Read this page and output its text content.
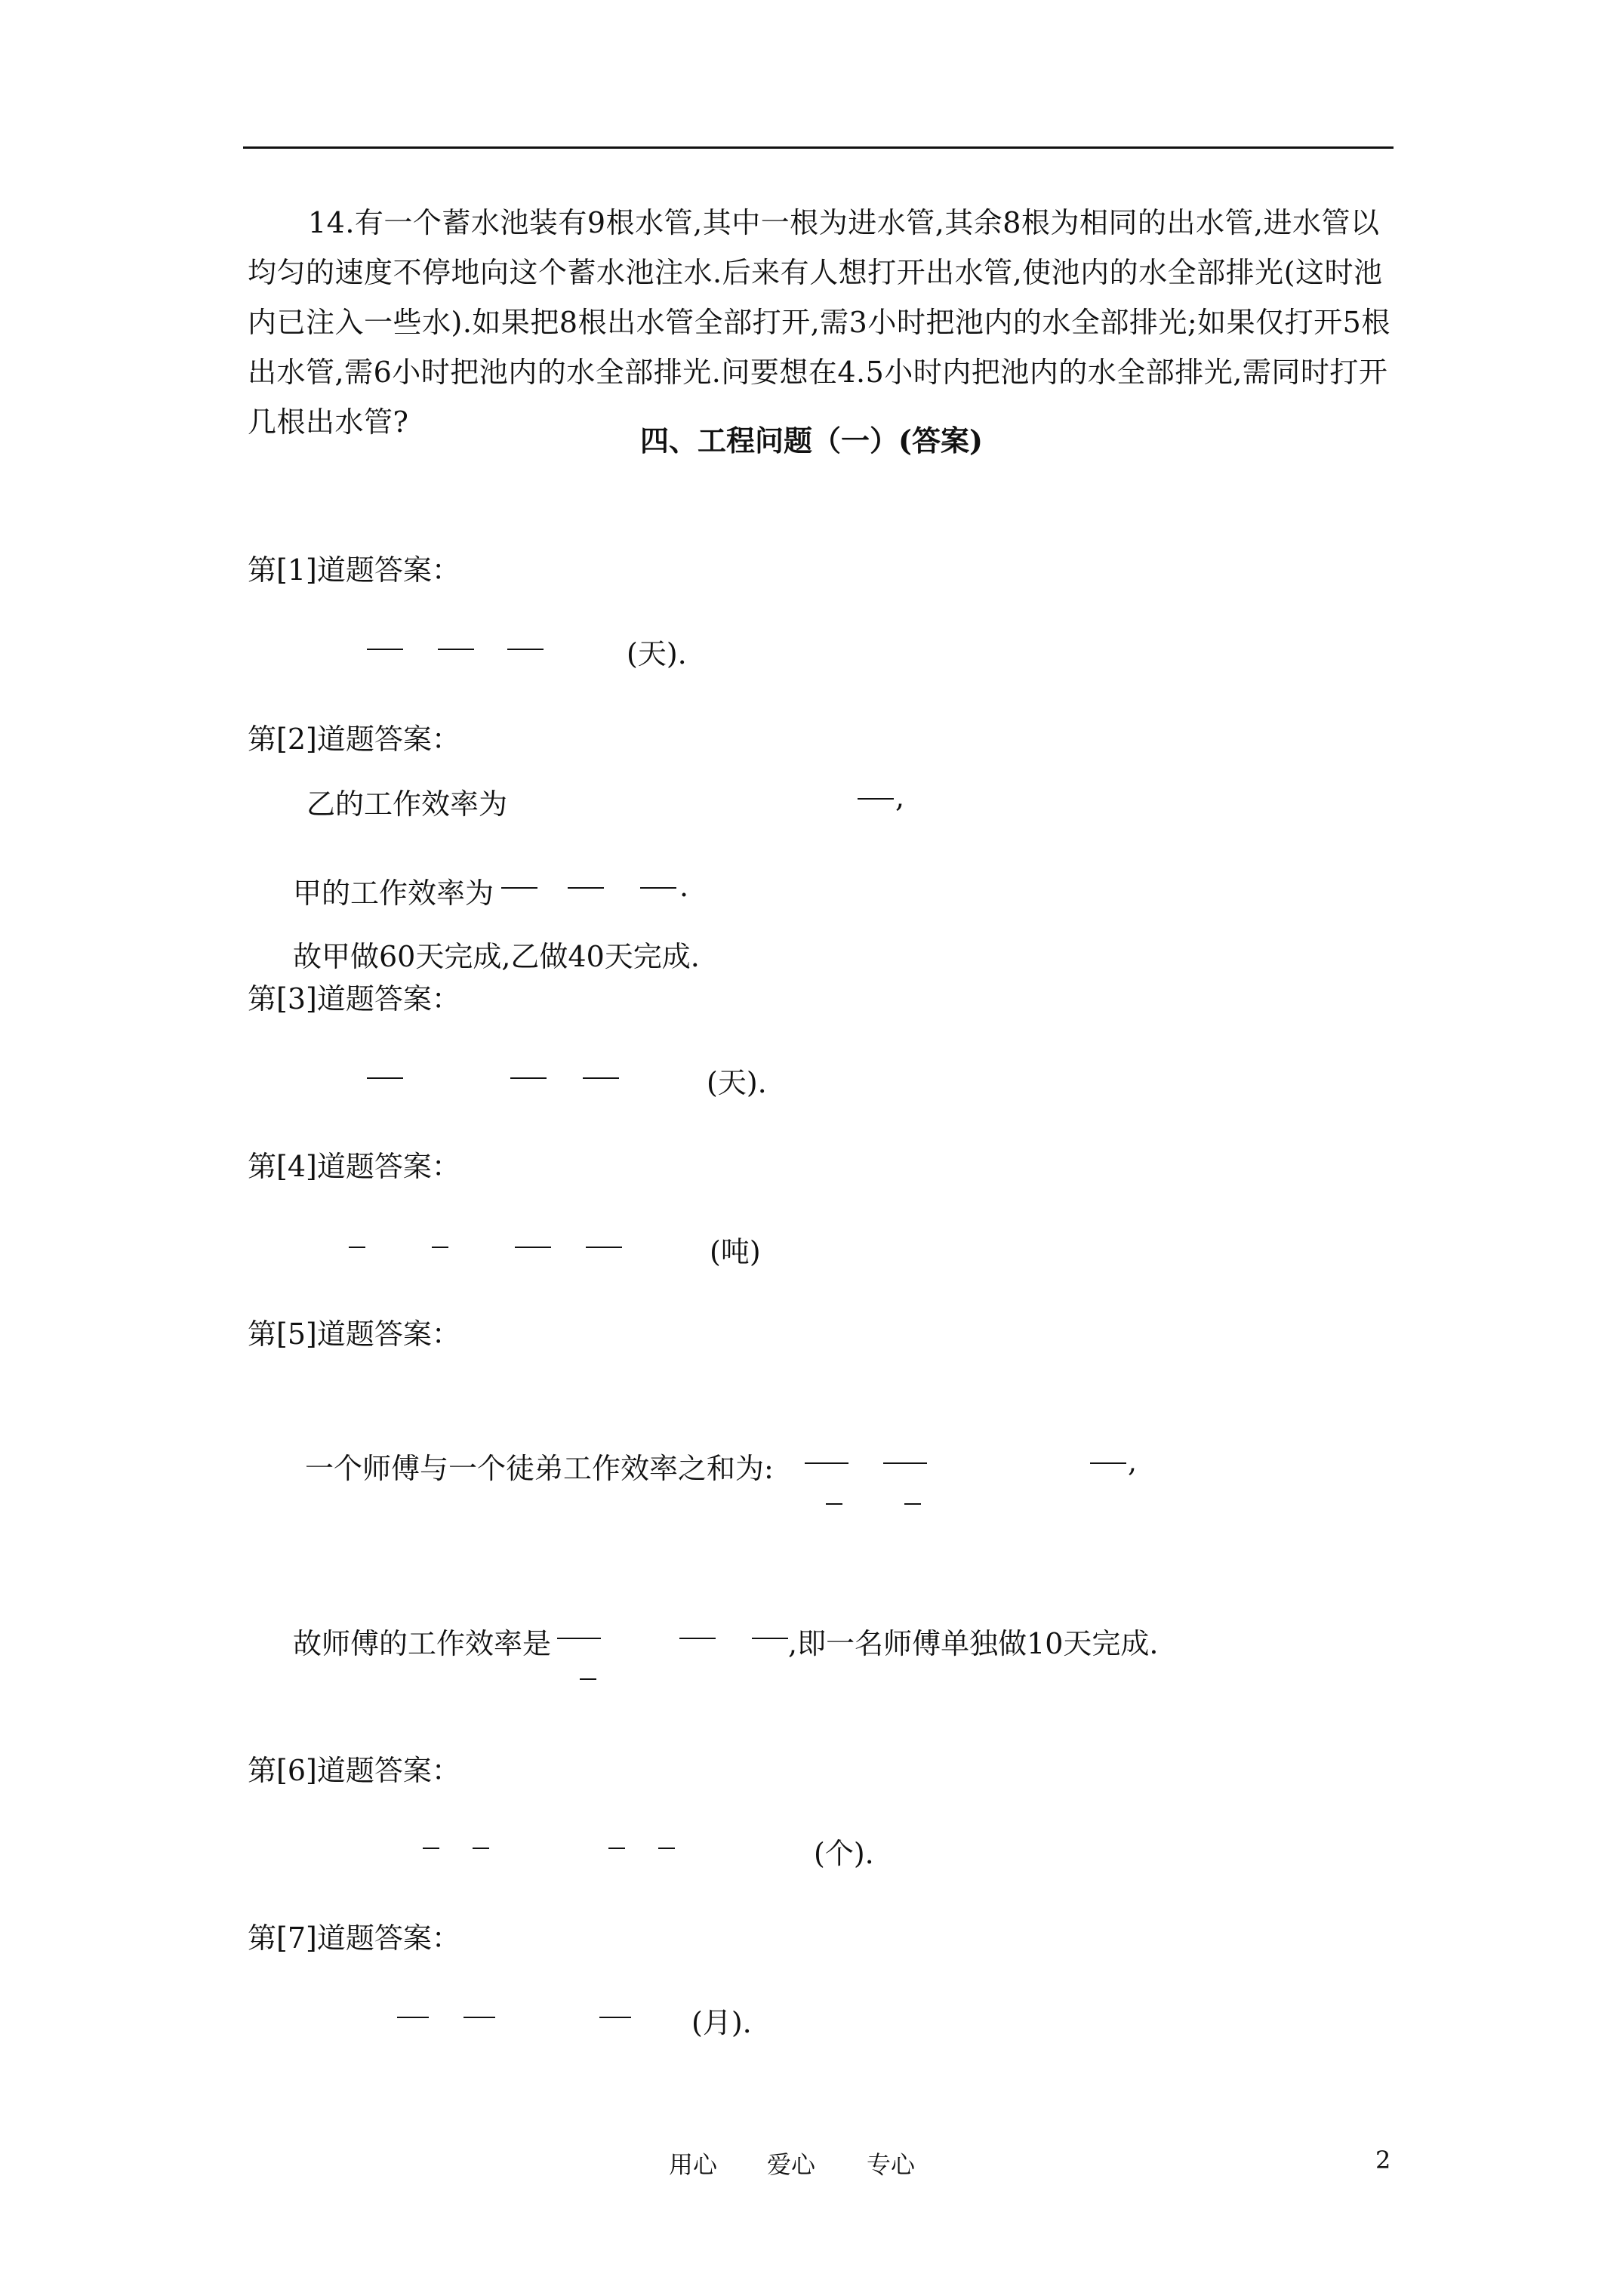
14.有一个蓄水池装有9根水管,其中一根为进水管,其余8根为相同的出水管,进水管以均匀的速度不停地向这个蓄水池注水.后来有人想打开出水管,使池内的水全部排光(这时池内已注入一些水).如果把8根出水管全部打开,需3小时把池内的水全部排光;如果仅打开5根出水管,需6小时把池内的水全部排光.问要想在4.5小时内把池内的水全部排光,需同时打开几根出水管?
四、工程问题（一）(答案)
第[1]道题答案：
(天).
第[2]道题答案：
乙的工作效率为	,
甲的工作效率为	.
故甲做60天完成,乙做40天完成.
第[3]道题答案：
(天).
第[4]道题答案：
(吨)
第[5]道题答案：
一个师傅与一个徒弟工作效率之和为:	,
故师傅的工作效率是	,即一名师傅单独做10天完成.
第[6]道题答案：
(个).
第[7]道题答案：
(月).
用心 爱心 专心	2
